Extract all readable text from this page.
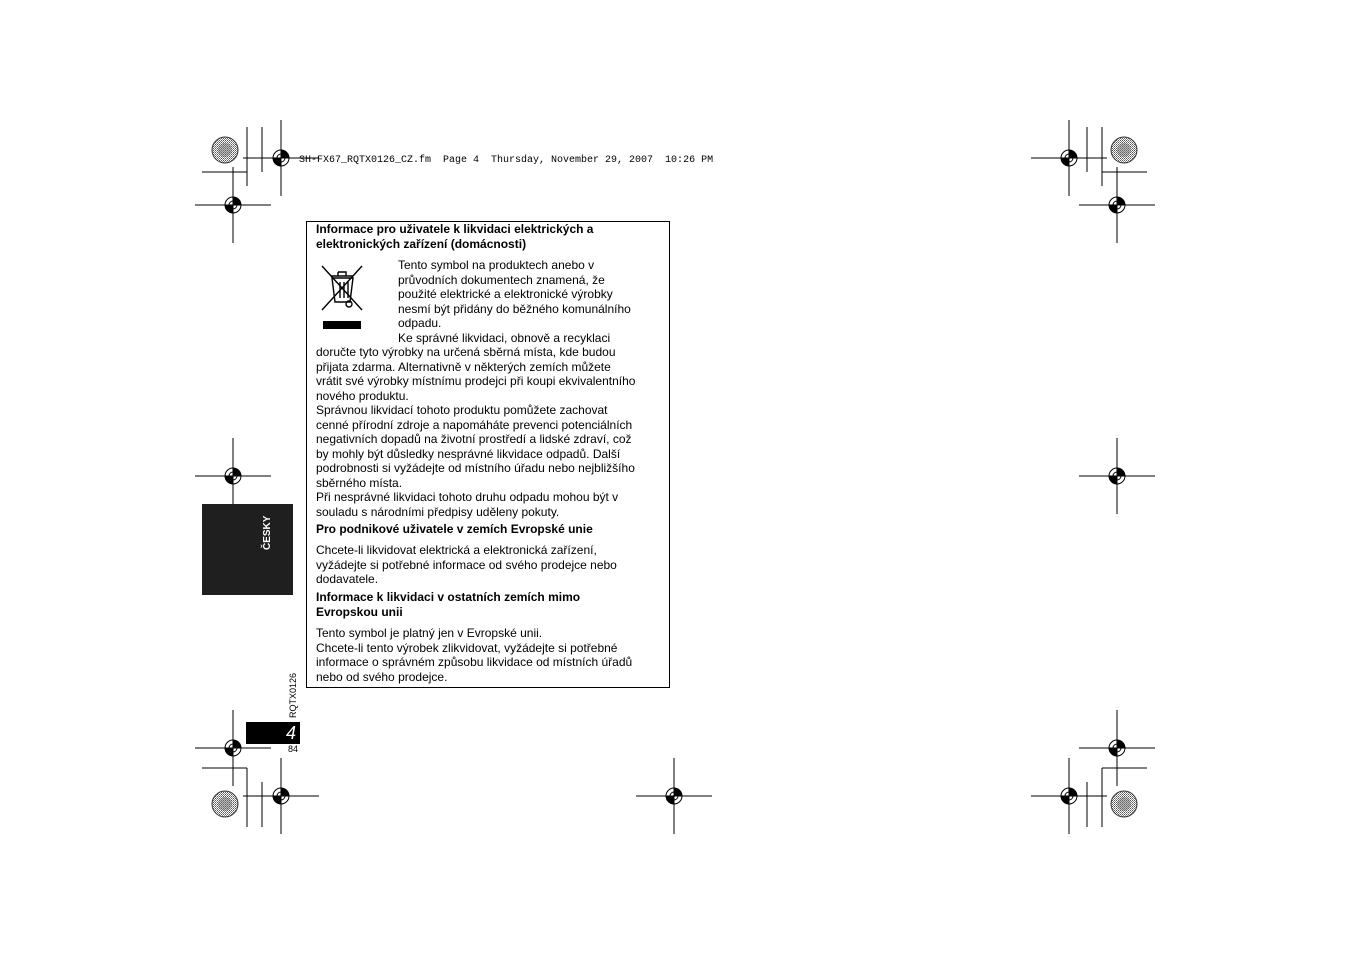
SH-FX67_RQTX0126_CZ.fm  Page 4  Thursday, November 29, 2007  10:26 PM
ČESKY
Informace pro uživatele k likvidaci elektrických a
elektronických zařízení (domácnosti)
Tento symbol na produktech anebo v
průvodních dokumentech znamená, že
použité elektrické a elektronické výrobky
nesmí být přidány do běžného komunálního
odpadu.
Ke správné likvidaci, obnově a recyklaci
doručte tyto výrobky na určená sběrná místa, kde budou
přijata zdarma. Alternativně v některých zemích můžete
vrátit své výrobky místnímu prodejci při koupi ekvivalentního
nového produktu.
Správnou likvidací tohoto produktu pomůžete zachovat
cenné přírodní zdroje a napomáháte prevenci potenciálních
negativních dopadů na životní prostředí a lidské zdraví, což
by mohly být důsledky nesprávné likvidace odpadů. Další
podrobnosti si vyžádejte od místního úřadu nebo nejbližšího
sběrného místa.
Při nesprávné likvidaci tohoto druhu odpadu mohou být v
souladu s národními předpisy uděleny pokuty.
Pro podnikové uživatele v zemích Evropské unie
Chcete-li likvidovat elektrická a elektronická zařízení,
vyžádejte si potřebné informace od svého prodejce nebo
dodavatele.
Informace k likvidaci v ostatních zemích mimo
Evropskou unii
Tento symbol je platný jen v Evropské unii.
Chcete-li tento výrobek zlikvidovat, vyžádejte si potřebné
informace o správném způsobu likvidace od místních úřadů
nebo od svého prodejce.
RQTX0126
4
84
